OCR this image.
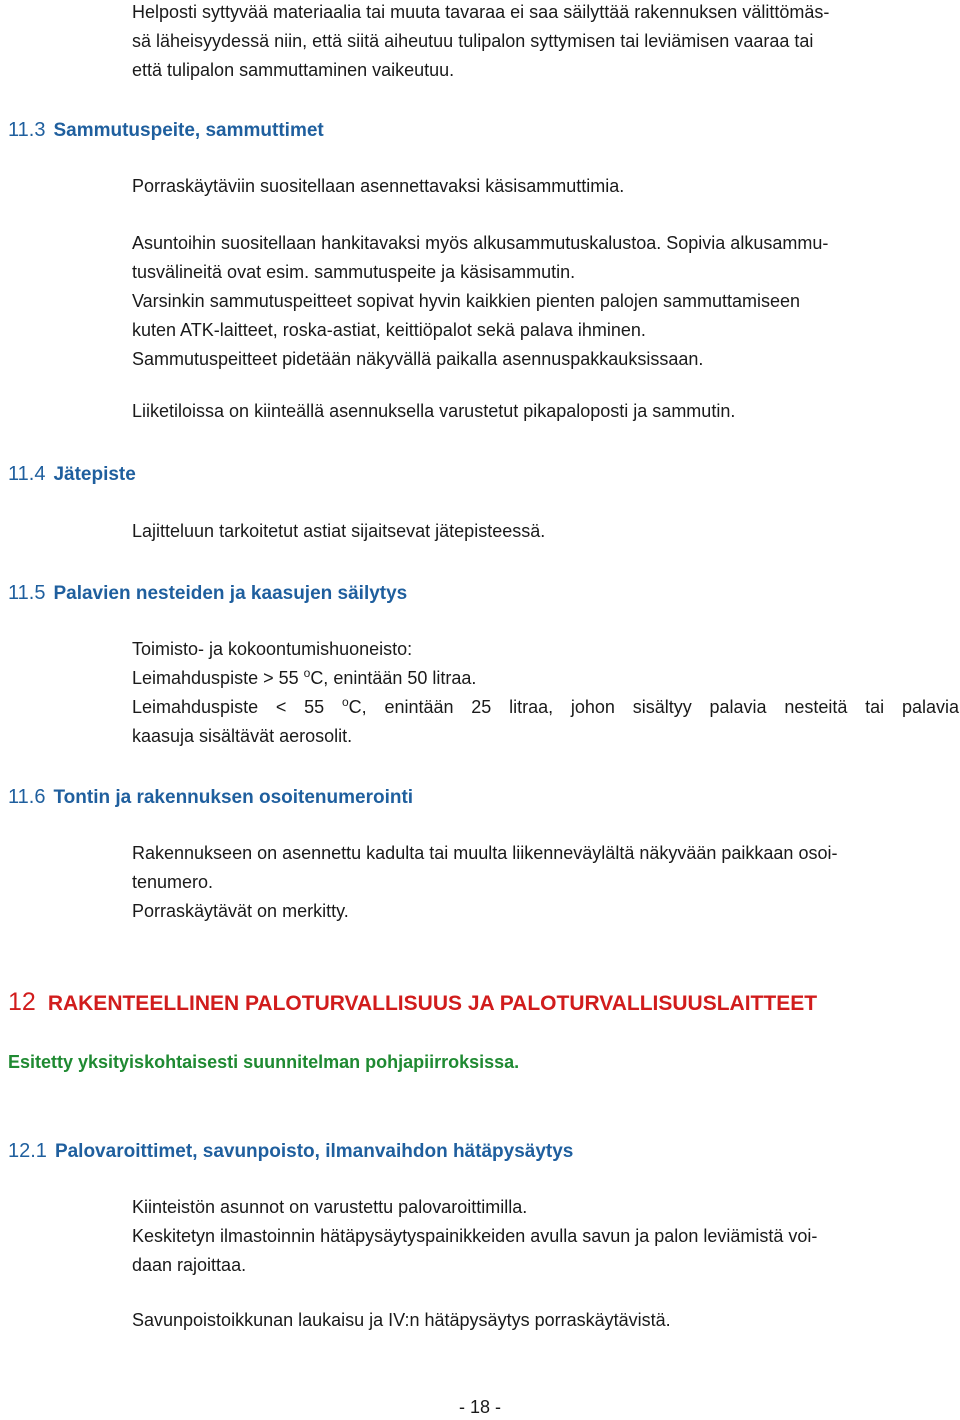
Helposti syttyvää materiaalia tai muuta tavaraa ei saa säilyttää rakennuksen välittömäs-
sä läheisyydessä niin, että siitä aiheutuu tulipalon syttymisen tai leviämisen vaaraa tai
että tulipalon sammuttaminen vaikeutuu.

11.3 Sammutuspeite, sammuttimet

Porraskäytäviin suositellaan asennettavaksi käsisammuttimia.

Asuntoihin suositellaan hankitavaksi myös alkusammutuskalustoa. Sopivia alkusammu-
tusvälineitä ovat esim. sammutuspeite ja käsisammutin.
Varsinkin sammutuspeitteet sopivat hyvin kaikkien pienten palojen sammuttamiseen
kuten ATK-laitteet, roska-astiat, keittiöpalot sekä palava ihminen.
Sammutuspeitteet pidetään näkyvällä paikalla asennuspakkauksissaan.

Liiketiloissa on kiinteällä asennuksella varustetut pikapaloposti ja sammutin.

11.4 Jätepiste

Lajitteluun tarkoitetut astiat sijaitsevat jätepisteessä.

11.5 Palavien nesteiden ja kaasujen säilytys

Toimisto- ja kokoontumishuoneisto:
Leimahduspiste > 55 $^o$C, enintään 50 litraa.
Leimahduspiste < 55 $^o$C, enintään 25 litraa, johon sisältyy palavia nesteitä tai palavia
kaasuja sisältävät aerosolit.

11.6 Tontin ja rakennuksen osoitenumerointi

Rakennukseen on asennettu kadulta tai muulta liikenneväylältä näkyvään paikkaan osoi-
tenumero.
Porraskäytävät on merkitty.

12 RAKENTEELLINEN PALOTURVALLISUUS JA PALOTURVALLISUUSLAITTEET

Esitetty yksityiskohtaisesti suunnitelman pohjapiirroksissa.

12.1 Palovaroittimet, savunpoisto, ilmanvaihdon hätäpysäytys

Kiinteistön asunnot on varustettu palovaroittimilla.
Keskitetyn ilmastoinnin hätäpysäytyspainikkeiden avulla savun ja palon leviämistä voi-
daan rajoittaa.

Savunpoistoikkunan laukaisu ja IV:n hätäpysäytys porraskäytävistä.

- 18 -
